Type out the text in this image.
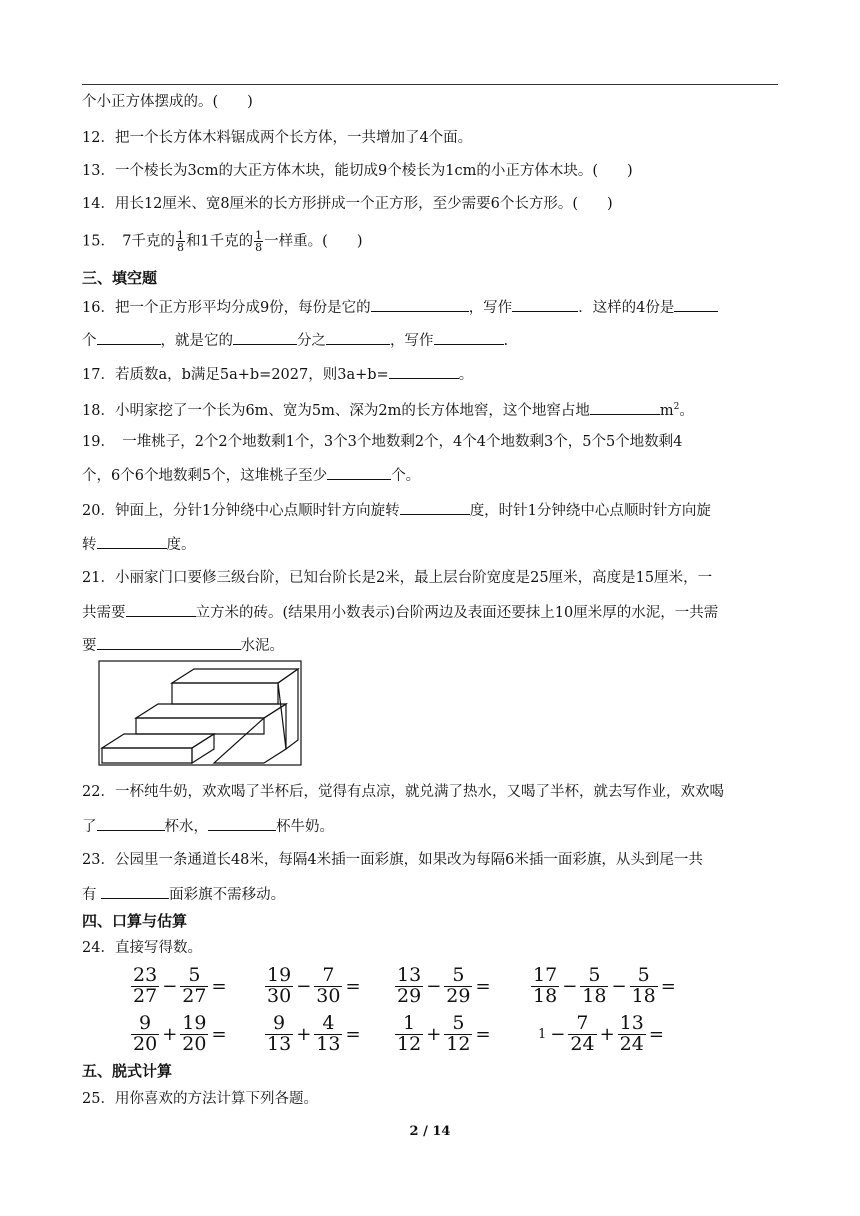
个小正方体摆成的。(　　)
12．把一个长方体木料锯成两个长方体，一共增加了4个面。
13．一个棱长为3cm的大正方体木块，能切成9个棱长为1cm的小正方体木块。(　　)
14．用长12厘米、宽8厘米的长方形拼成一个正方形，至少需要6个长方形。(　　)
15．　7千克的 $\frac{1}{8}$ 和1千克的 $\frac{1}{8}$ 一样重。(　　)
三、填空题
16．把一个正方形平均分成9份，每份是它的	，写作	．这样的4份是
个	，就是它的	分之	，写作	.
17．若质数a，b满足5a+b=2027，则3a+b=	。
18．小明家挖了一个长为6m、宽为5m、深为2m的长方体地窖，这个地窖占地	$m^2$。
19．　一堆桃子，2个2个地数剩1个，3个3个地数剩2个，4个4个地数剩3个，5个5个地数剩4
个，6个6个地数剩5个，这堆桃子至少	个。
20．钟面上，分针1分钟绕中心点顺时针方向旋转	度，时针1分钟绕中心点顺时针方向旋
转	度。
21．小丽家门口要修三级台阶，已知台阶长是2米，最上层台阶宽度是25厘米，高度是15厘米，一
共需要	立方米的砖。(结果用小数表示)台阶两边及表面还要抹上10厘米厚的水泥，一共需
要	水泥。
22．一杯纯牛奶，欢欢喝了半杯后，觉得有点凉，就兑满了热水，又喝了半杯，就去写作业，欢欢喝
了	杯水，	杯牛奶。
23．公园里一条通道长48米，每隔4米插一面彩旗，如果改为每隔6米插一面彩旗，从头到尾一共
有	面彩旗不需移动。
四、口算与估算
24．直接写得数。
$\frac{23}{27} - \frac{5}{27} = \frac{19}{30} - \frac{7}{30} = \frac{13}{29} - \frac{5}{29} = \frac{17}{18} - \frac{5}{18} - \frac{5}{18}$ =
$\frac{9}{20} + \frac{19}{20} = \frac{9}{13} + \frac{4}{13} = \frac{1}{12} + \frac{5}{12}$ =	$1 - \frac{7}{24} + \frac{13}{24}$ =
五、脱式计算
25．用你喜欢的方法计算下列各题。
2 / 14
